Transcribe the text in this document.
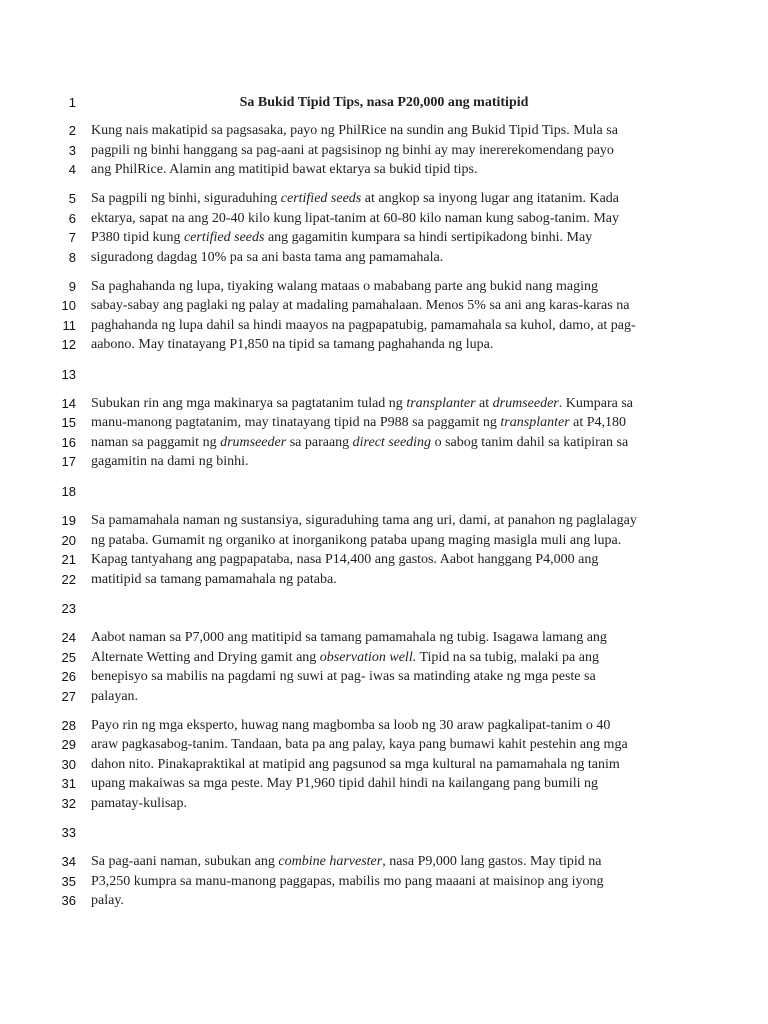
1	Sa Bukid Tipid Tips, nasa P20,000 ang matitipid
2 Kung nais makatipid sa pagsasaka, payo ng PhilRice na sundin ang Bukid Tipid Tips. Mula sa
3 pagpili ng binhi hanggang sa pag-aani at pagsisinop ng binhi ay may inererekomendang payo
4 ang PhilRice. Alamin ang matitipid bawat ektarya sa bukid tipid tips.
5 Sa pagpili ng binhi, siguraduhing certified seeds at angkop sa inyong lugar ang itatanim. Kada
6 ektarya, sapat na ang 20-40 kilo kung lipat-tanim at 60-80 kilo naman kung sabog-tanim. May
7 P380 tipid kung certified seeds ang gagamitin kumpara sa hindi sertipikadong binhi. May
8 siguradong dagdag 10% pa sa ani basta tama ang pamamahala.
9 Sa paghahanda ng lupa, tiyaking walang mataas o mababang parte ang bukid nang maging
10 sabay-sabay ang paglaki ng palay at madaling pamahalaan. Menos 5% sa ani ang karas-karas na
11 paghahanda ng lupa dahil sa hindi maayos na pagpapatubig, pamamahala sa kuhol, damo, at pag-
12 aabono. May tinatayang P1,850 na tipid sa tamang paghahanda ng lupa.
13
14 Subukan rin ang mga makinarya sa pagtatanim tulad ng transplanter at drumseeder. Kumpara sa
15 manu-manong pagtatanim, may tinatayang tipid na P988 sa paggamit ng transplanter at P4,180
16 naman sa paggamit ng drumseeder sa paraang direct seeding o sabog tanim dahil sa katipiran sa
17 gagamitin na dami ng binhi.
18
19 Sa pamamahala naman ng sustansiya, siguraduhing tama ang uri, dami, at panahon ng paglalagay
20 ng pataba. Gumamit ng organiko at inorganikong pataba upang maging masigla muli ang lupa.
21 Kapag tantyahang ang pagpapataba, nasa P14,400 ang gastos. Aabot hanggang P4,000 ang
22 matitipid sa tamang pamamahala ng pataba.
23
24 Aabot naman sa P7,000 ang matitipid sa tamang pamamahala ng tubig. Isagawa lamang ang
25 Alternate Wetting and Drying gamit ang observation well. Tipid na sa tubig, malaki pa ang
26 benepisyo sa mabilis na pagdami ng suwi at pag- iwas sa matinding atake ng mga peste sa
27 palayan.
28 Payo rin ng mga eksperto, huwag nang magbomba sa loob ng 30 araw pagkalipat-tanim o 40
29 araw pagkasabog-tanim. Tandaan, bata pa ang palay, kaya pang bumawi kahit pestehin ang mga
30 dahon nito. Pinakapraktikal at matipid ang pagsunod sa mga kultural na pamamahala ng tanim
31 upang makaiwas sa mga peste. May P1,960 tipid dahil hindi na kailangang pang bumili ng
32 pamatay-kulisap.
33
34 Sa pag-aani naman, subukan ang combine harvester, nasa P9,000 lang gastos. May tipid na
35 P3,250 kumpra sa manu-manong paggapas, mabilis mo pang maaani at maisinop ang iyong
36 palay.
